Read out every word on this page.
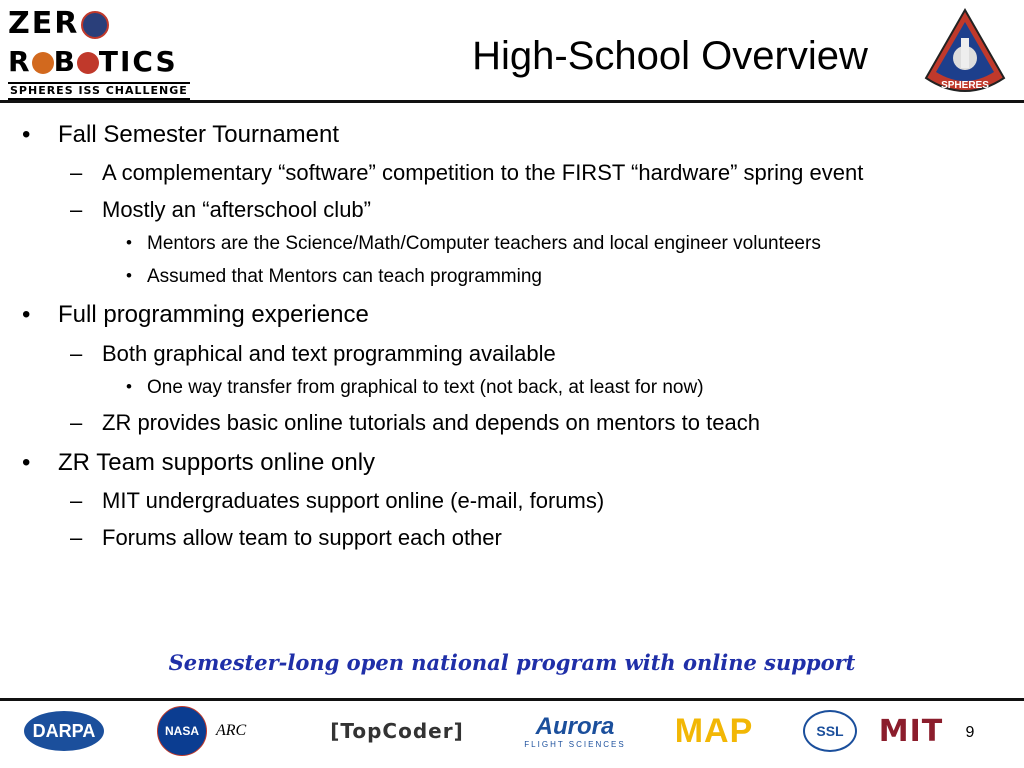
ZER
R B TICS
SPHERES ISS CHALLENGE
High-School Overview
SPHERES
• Fall Semester Tournament
– A complementary “software” competition to the FIRST “hardware” spring event
– Mostly an “afterschool club”
• Mentors are the Science/Math/Computer teachers and local engineer volunteers
• Assumed that Mentors can teach programming
• Full programming experience
– Both graphical and text programming available
• One way transfer from graphical to text (not back, at least for now)
– ZR provides basic online tutorials and depends on mentors to teach
• ZR Team supports online only
– MIT undergraduates support online (e-mail, forums)
– Forums allow team to support each other
Semester-long open national program with online support
DARPA	NASA	ARC	[TopCoder]	Aurora
FLIGHT SCIENCES MAP	SSL	MIT	9
